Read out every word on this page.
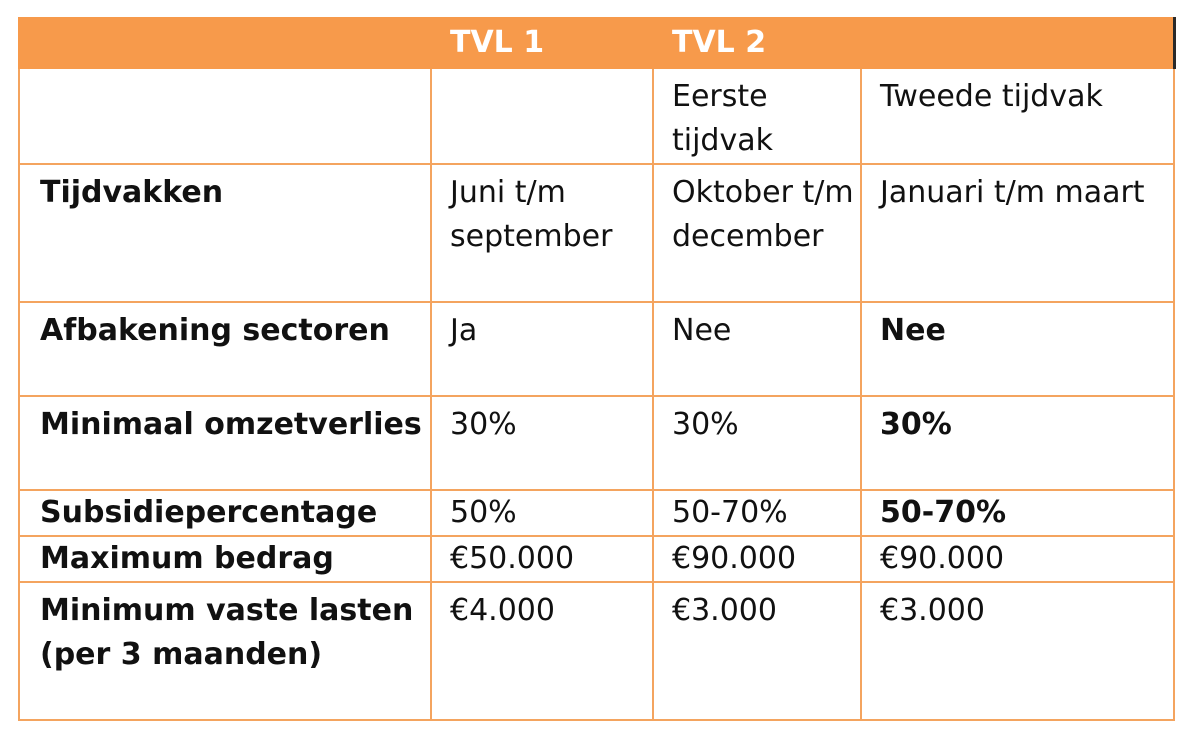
	TVL 1	TVL 2	
		Eerste tijdvak	Tweede tijdvak
Tijdvakken	Juni t/m september	Oktober t/m december	Januari t/m maart
Afbakening sectoren	Ja	Nee	Nee
Minimaal omzetverlies	30%	30%	30%
Subsidiepercentage	50%	50-70%	50-70%
Maximum bedrag	€50.000	€90.000	€90.000
Minimum vaste lasten (per 3 maanden)	€4.000	€3.000	€3.000
